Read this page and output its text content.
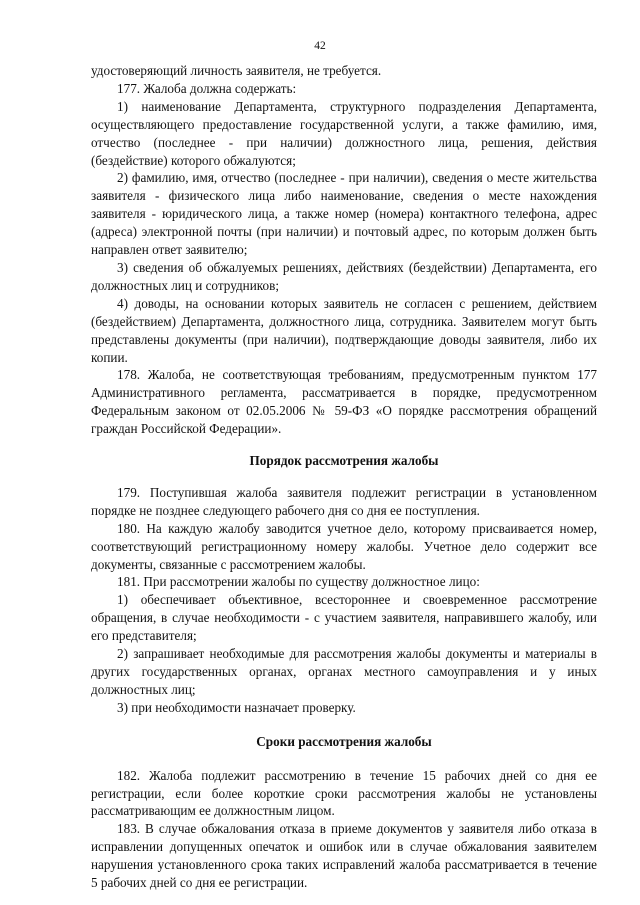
42

удостоверяющий личность заявителя, не требуется.

177. Жалоба должна содержать:

1) наименование Департамента, структурного подразделения Департамента, осуществляющего предоставление государственной услуги, а также фамилию, имя, отчество (последнее - при наличии) должностного лица, решения, действия (бездействие) которого обжалуются;

2) фамилию, имя, отчество (последнее - при наличии), сведения о месте жительства заявителя - физического лица либо наименование, сведения о месте нахождения заявителя - юридического лица, а также номер (номера) контактного телефона, адрес (адреса) электронной почты (при наличии) и почтовый адрес, по которым должен быть направлен ответ заявителю;

3) сведения об обжалуемых решениях, действиях (бездействии) Департамента, его должностных лиц и сотрудников;

4) доводы, на основании которых заявитель не согласен с решением, действием (бездействием) Департамента, должностного лица, сотрудника. Заявителем могут быть представлены документы (при наличии), подтверждающие доводы заявителя, либо их копии.

178. Жалоба, не соответствующая требованиям, предусмотренным пунктом 177 Административного регламента, рассматривается в порядке, предусмотренном Федеральным законом от 02.05.2006 № 59-ФЗ «О порядке рассмотрения обращений граждан Российской Федерации».

Порядок рассмотрения жалобы

179. Поступившая жалоба заявителя подлежит регистрации в установленном порядке не позднее следующего рабочего дня со дня ее поступления.

180. На каждую жалобу заводится учетное дело, которому присваивается номер, соответствующий регистрационному номеру жалобы. Учетное дело содержит все документы, связанные с рассмотрением жалобы.

181. При рассмотрении жалобы по существу должностное лицо:

1) обеспечивает объективное, всестороннее и своевременное рассмотрение обращения, в случае необходимости - с участием заявителя, направившего жалобу, или его представителя;

2) запрашивает необходимые для рассмотрения жалобы документы и материалы в других государственных органах, органах местного самоуправления и у иных должностных лиц;

3) при необходимости назначает проверку.

Сроки рассмотрения жалобы

182. Жалоба подлежит рассмотрению в течение 15 рабочих дней со дня ее регистрации, если более короткие сроки рассмотрения жалобы не установлены рассматривающим ее должностным лицом.

183. В случае обжалования отказа в приеме документов у заявителя либо отказа в исправлении допущенных опечаток и ошибок или в случае обжалования заявителем нарушения установленного срока таких исправлений жалоба рассматривается в течение 5 рабочих дней со дня ее регистрации.
